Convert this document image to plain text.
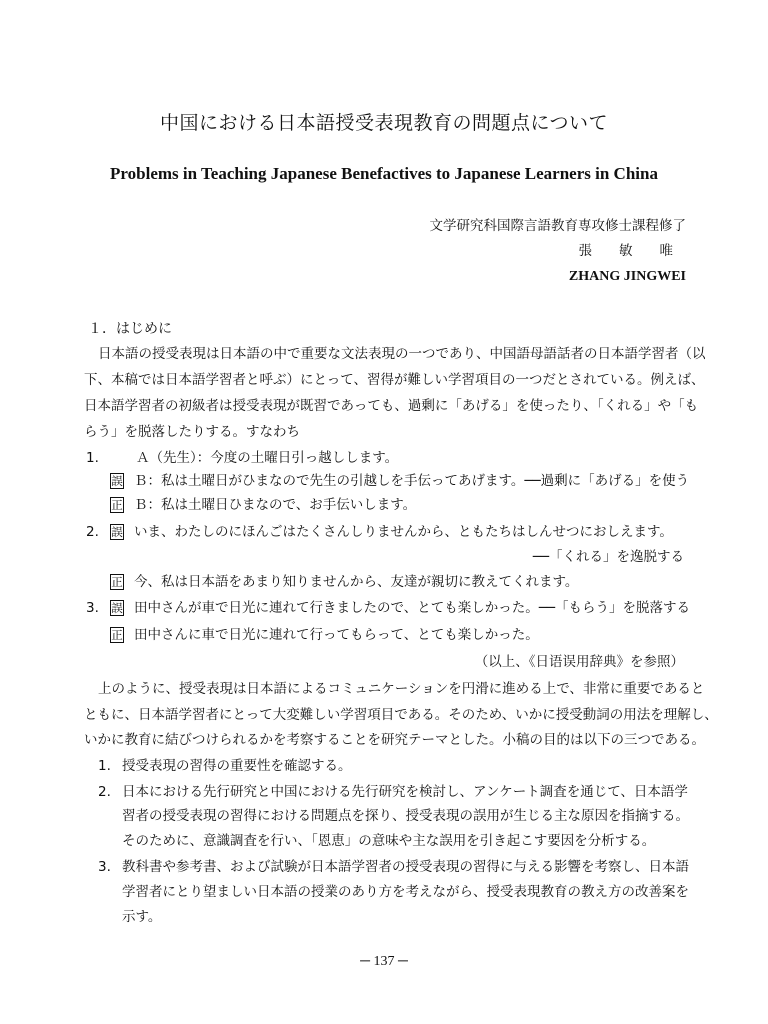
中国における日本語授受表現教育の問題点について
Problems in Teaching Japanese Benefactives to Japanese Learners in China
文学研究科国際言語教育専攻修士課程修了
張　　敏　　唯
ZHANG JINGWEI
１．はじめに
日本語の授受表現は日本語の中で重要な文法表現の一つであり、中国語母語話者の日本語学習者（以
下、本稿では日本語学習者と呼ぶ）にとって、習得が難しい学習項目の一つだとされている。例えば、
日本語学習者の初級者は授受表現が既習であっても、過剰に「あげる」を使ったり、「くれる」や「も
らう」を脱落したりする。すなわち
1.	Ａ（先生）：今度の土曜日引っ越しします。
誤 Ｂ：私は土曜日がひまなので先生の引越しを手伝ってあげます。──過剰に「あげる」を使う
正 Ｂ：私は土曜日ひまなので、お手伝いします。
2. 誤 いま、わたしのにほんごはたくさんしりませんから、ともたちはしんせつにおしえます。
──「くれる」を逸脱する
正 今、私は日本語をあまり知りませんから、友達が親切に教えてくれます。
3. 誤 田中さんが車で日光に連れて行きましたので、とても楽しかった。──「もらう」を脱落する
正 田中さんに車で日光に連れて行ってもらって、とても楽しかった。
（以上、《日语误用辞典》を参照）
上のように、授受表現は日本語によるコミュニケーションを円滑に進める上で、非常に重要であると
ともに、日本語学習者にとって大変難しい学習項目である。そのため、いかに授受動詞の用法を理解し、
いかに教育に結びつけられるかを考察することを研究テーマとした。小稿の目的は以下の三つである。
1. 授受表現の習得の重要性を確認する。
2. 日本における先行研究と中国における先行研究を検討し、アンケート調査を通じて、日本語学
習者の授受表現の習得における問題点を探り、授受表現の誤用が生じる主な原因を指摘する。
そのために、意識調査を行い、「恩恵」の意味や主な誤用を引き起こす要因を分析する。
3. 教科書や参考書、および試験が日本語学習者の授受表現の習得に与える影響を考察し、日本語
学習者にとり望ましい日本語の授業のあり方を考えながら、授受表現教育の教え方の改善案を
示す。
─ 137 ─
